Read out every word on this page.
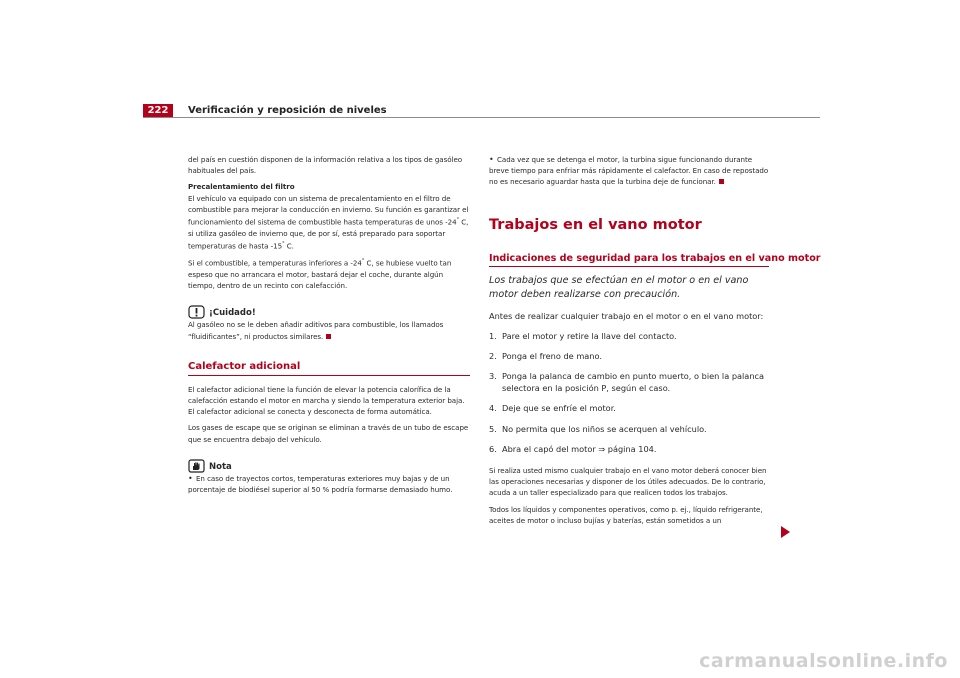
222	Verificación y reposición de niveles

del país en cuestión disponen de la información relativa a los tipos de gasóleo habituales del país.

Precalentamiento del filtro

El vehículo va equipado con un sistema de precalentamiento en el filtro de combustible para mejorar la conducción en invierno. Su función es garantizar el funcionamiento del sistema de combustible hasta temperaturas de unos -24° C, si utiliza gasóleo de invierno que, de por sí, está preparado para soportar temperaturas de hasta -15° C.

Si el combustible, a temperaturas inferiores a -24° C, se hubiese vuelto tan espeso que no arrancara el motor, bastará dejar el coche, durante algún tiempo, dentro de un recinto con calefacción.

¡Cuidado!

Al gasóleo no se le deben añadir aditivos para combustible, los llamados “fluidificantes”, ni productos similares.

Calefactor adicional

El calefactor adicional tiene la función de elevar la potencia calorífica de la calefacción estando el motor en marcha y siendo la temperatura exterior baja. El calefactor adicional se conecta y desconecta de forma automática.

Los gases de escape que se originan se eliminan a través de un tubo de escape que se encuentra debajo del vehículo.

Nota

• En caso de trayectos cortos, temperaturas exteriores muy bajas y de un porcentaje de biodiésel superior al 50 % podría formarse demasiado humo.

• Cada vez que se detenga el motor, la turbina sigue funcionando durante breve tiempo para enfriar más rápidamente el calefactor. En caso de repostado no es necesario aguardar hasta que la turbina deje de funcionar.

Trabajos en el vano motor
Indicaciones de seguridad para los trabajos en el vano motor

Los trabajos que se efectúan en el motor o en el vano motor deben realizarse con precaución.

Antes de realizar cualquier trabajo en el motor o en el vano motor:

1. Pare el motor y retire la llave del contacto.
2. Ponga el freno de mano.
3. Ponga la palanca de cambio en punto muerto, o bien la palanca selectora en la posición P, según el caso.
4. Deje que se enfríe el motor.
5. No permita que los niños se acerquen al vehículo.
6. Abra el capó del motor ⇒ página 104.

Si realiza usted mismo cualquier trabajo en el vano motor deberá conocer bien las operaciones necesarias y disponer de los útiles adecuados. De lo contrario, acuda a un taller especializado para que realicen todos los trabajos.

Todos los líquidos y componentes operativos, como p. ej., líquido refrigerante, aceites de motor o incluso bujías y baterías, están sometidos a un

carmanualsonline.info
